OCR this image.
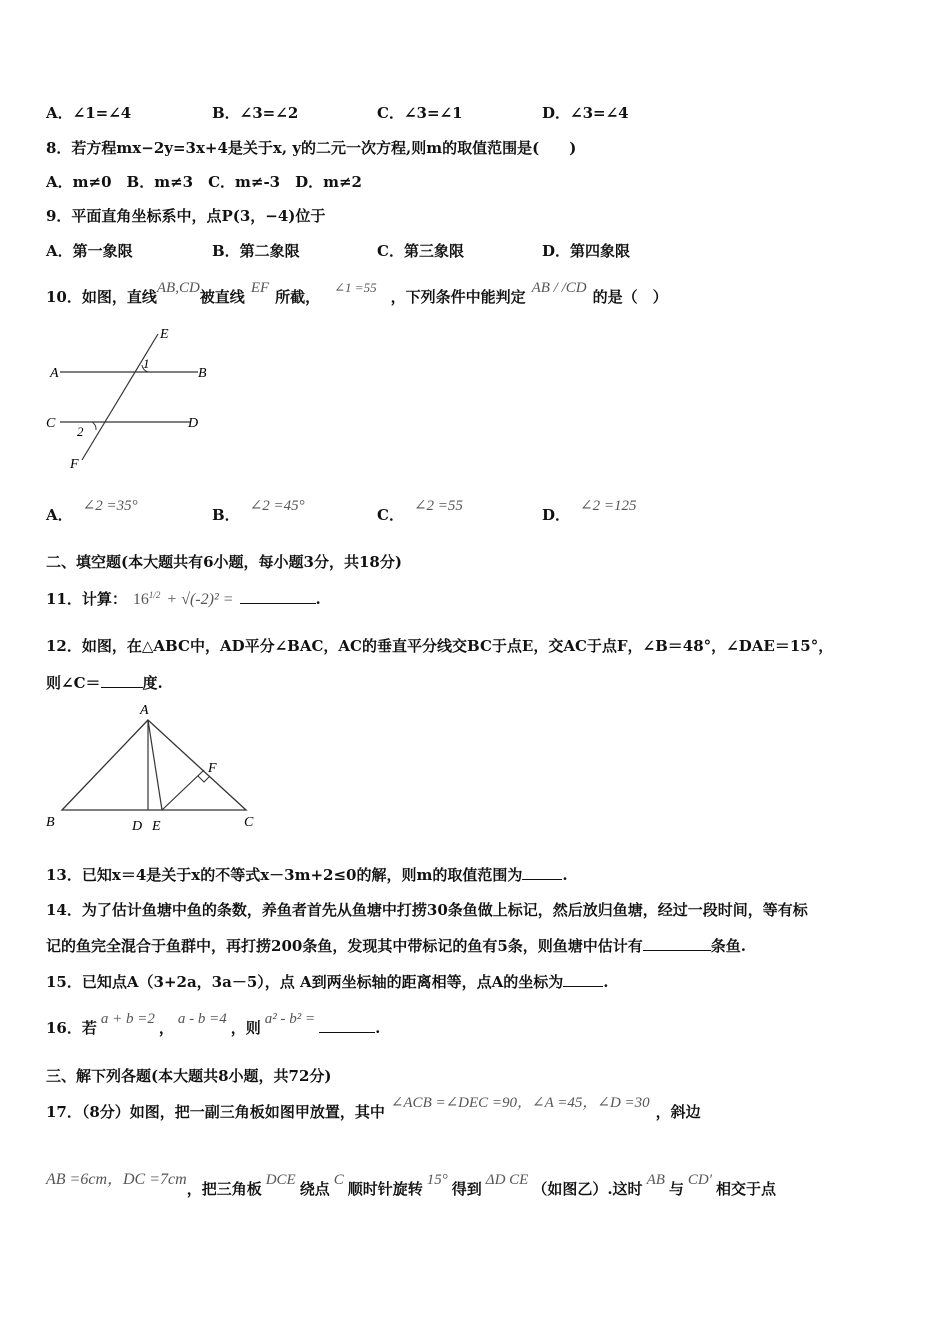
A．∠1=∠4	B．∠3=∠2	C．∠3=∠1	D．∠3=∠4
8．若方程mx−2y=3x+4是关于x, y的二元一次方程,则m的取值范围是(　　)
A．m≠0　B．m≠3　C．m≠-3　D．m≠2
9．平面直角坐标系中，点P(3，−4)位于
A．第一象限	B．第二象限	C．第三象限	D．第四象限
10．如图，直线AB,CD被直线 EF 所截，∠1 =55，下列条件中能判定 AB / /CD 的是（　）
E
A
1
B
C	D
2
F
A． ∠2 =35°	B． ∠2 =45°	C． ∠2 =55	D． ∠2 =125
二、填空题(本大题共有6小题，每小题3分，共18分)
11．计算： $16^{1/2} + √(-2)^2$ =	.
12．如图，在△ABC中，AD平分∠BAC，AC的垂直平分线交BC于点E，交AC于点F，∠B＝48°，∠DAE＝15°，
则∠C＝	度.
A
F
B	D E	C
13．已知x＝4是关于x的不等式x－3m+2≤0的解，则m的取值范围为	.
14．为了估计鱼塘中鱼的条数，养鱼者首先从鱼塘中打捞30条鱼做上标记，然后放归鱼塘，经过一段时间，等有标
记的鱼完全混合于鱼群中，再打捞200条鱼，发现其中带标记的鱼有5条，则鱼塘中估计有	条鱼.
15．已知点A（3+2a，3a－5），点 A到两坐标轴的距离相等，点A的坐标为	.
16．若 a + b =2 ， a - b =4 ，则 a² - b² =	.
三、解下列各题(本大题共8小题，共72分)
17．（8分）如图，把一副三角板如图甲放置，其中 ∠ACB =∠DEC =90，∠A =45，∠D =30 ，斜边
AB =6cm，DC =7cm，把三角板 DCE 绕点 C 顺时针旋转 15° 得到 ΔD CE （如图乙）.这时 AB 与 CD′ 相交于点
